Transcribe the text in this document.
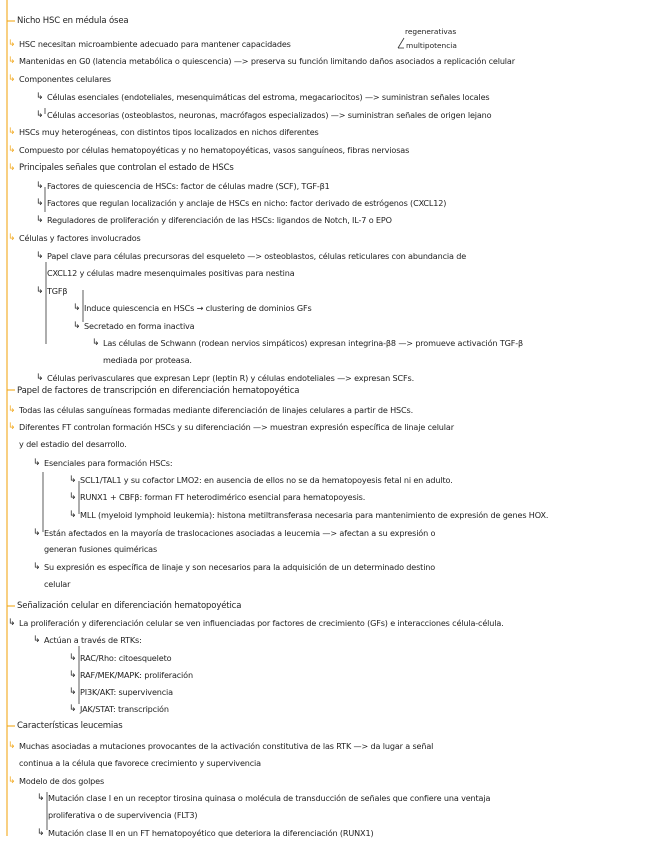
Nicho HSC en médula ósea
↳ HSC necesitan microambiente adecuado para mantener capacidades
regenerativas
multipotencia
↳ Mantenidas en G0 (latencia metabólica o quiescencia) —> preserva su función limitando daños asociados a replicación celular
↳ Componentes celulares
↳ Células esenciales (endoteliales, mesenquimáticas del estroma, megacariocitos) —> suministran señales locales
↳ Células accesorias (osteoblastos, neuronas, macrófagos especializados) —> suministran señales de origen lejano
↳ HSCs muy heterogéneas, con distintos tipos localizados en nichos diferentes
↳ Compuesto por células hematopoyéticas y no hematopoyéticas, vasos sanguíneos, fibras nerviosas
↳ Principales señales que controlan el estado de HSCs
↳ Factores de quiescencia de HSCs: factor de células madre (SCF), TGF-β1
↳ Factores que regulan localización y anclaje de HSCs en nicho: factor derivado de estrógenos (CXCL12)
↳ Reguladores de proliferación y diferenciación de las HSCs: ligandos de Notch, IL-7 o EPO
↳ Células y factores involucrados
↳ Papel clave para células precursoras del esqueleto —> osteoblastos, células reticulares con abundancia de
CXCL12 y células madre mesenquimales positivas para nestina
↳ TGFβ
↳ Induce quiescencia en HSCs → clustering de dominios GFs
↳ Secretado en forma inactiva
↳ Las células de Schwann (rodean nervios simpáticos) expresan integrina-β8 —> promueve activación TGF-β
mediada por proteasa.
↳ Células perivasculares que expresan Lepr (leptin R) y células endoteliales —> expresan SCFs.
Papel de factores de transcripción en diferenciación hematopoyética
↳ Todas las células sanguíneas formadas mediante diferenciación de linajes celulares a partir de HSCs.
↳ Diferentes FT controlan formación HSCs y su diferenciación —> muestran expresión específica de linaje celular
y del estadio del desarrollo.
↳ Esenciales para formación HSCs:
↳ SCL1/TAL1 y su cofactor LMO2: en ausencia de ellos no se da hematopoyesis fetal ni en adulto.
↳ RUNX1 + CBFβ: forman FT heterodimérico esencial para hematopoyesis.
↳ MLL (myeloid lymphoid leukemia): histona metiltransferasa necesaria para mantenimiento de expresión de genes HOX.
↳ Están afectados en la mayoría de traslocaciones asociadas a leucemia —> afectan a su expresión o
generan fusiones quiméricas
↳ Su expresión es específica de linaje y son necesarios para la adquisición de un determinado destino
celular
Señalización celular en diferenciación hematopoyética
↳ La proliferación y diferenciación celular se ven influenciadas por factores de crecimiento (GFs) e interacciones célula-célula.
↳ Actúan a través de RTKs:
↳ RAC/Rho: citoesqueleto
↳ RAF/MEK/MAPK: proliferación
↳ PI3K/AKT: supervivencia
↳ JAK/STAT: transcripción
Características leucemias
↳ Muchas asociadas a mutaciones provocantes de la activación constitutiva de las RTK —> da lugar a señal
continua a la célula que favorece crecimiento y supervivencia
↳ Modelo de dos golpes
↳ Mutación clase I en un receptor tirosina quinasa o molécula de transducción de señales que confiere una ventaja
proliferativa o de supervivencia (FLT3)
↳ Mutación clase II en un FT hematopoyético que deteriora la diferenciación (RUNX1)
